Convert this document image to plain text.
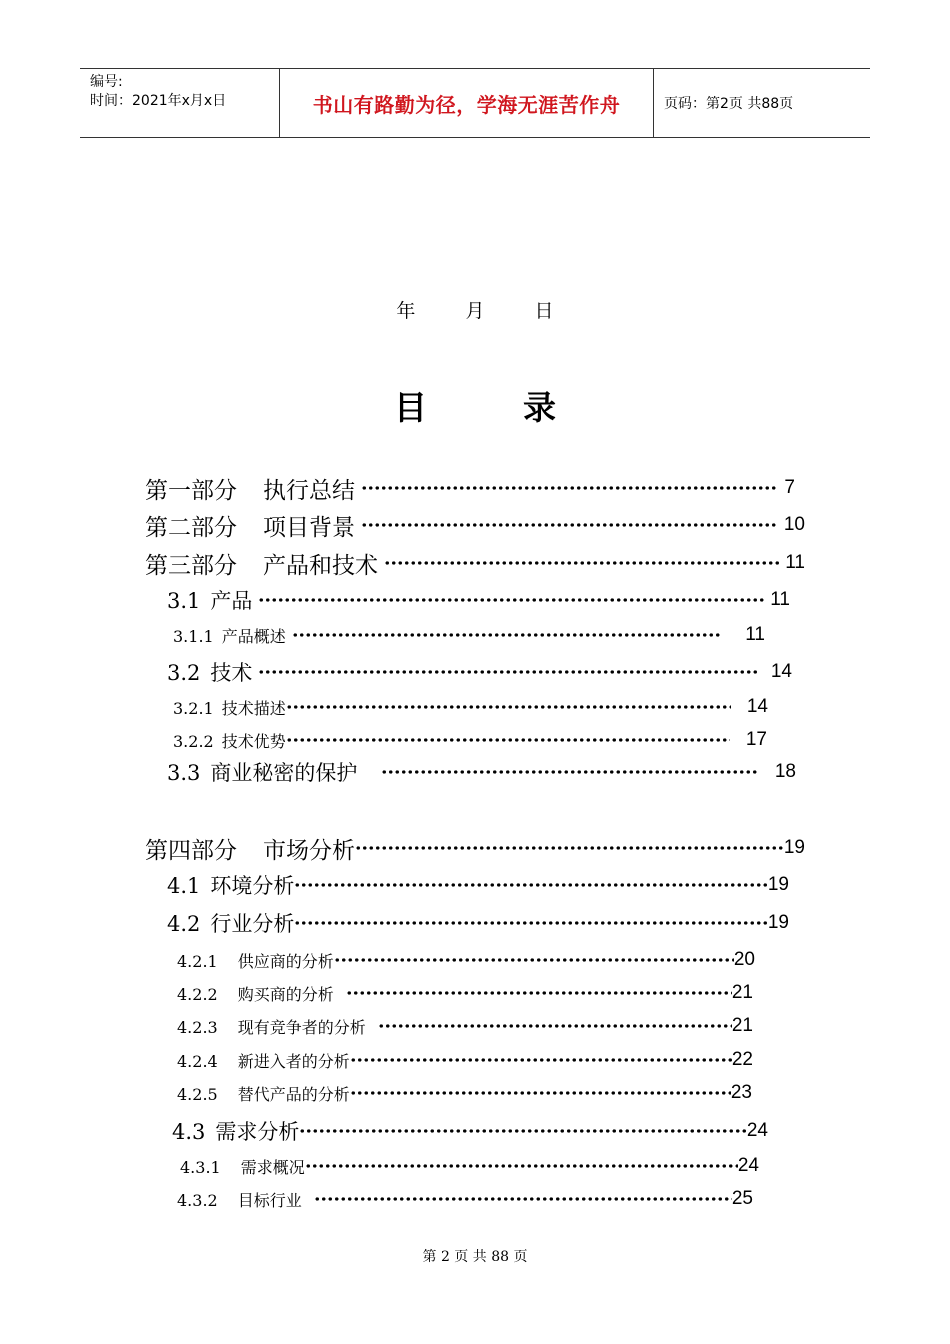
编号:
时间：2021年x月x日	书山有路勤为径，学海无涯苦作舟	页码：第2页 共88页
年	月	日
目	录
第一部分 执行总结	7
第二部分 项目背景	10
第三部分 产品和技术	11
3.1 产品	11
3.1.1 产品概述	11
3.2 技术	14
3.2.1 技术描述	14
3.2.2 技术优势	17
3.3 商业秘密的保护	18
第四部分 市场分析	19
4.1 环境分析	19
4.2 行业分析	19
4.2.1 供应商的分析	20
4.2.2 购买商的分析	21
4.2.3 现有竞争者的分析	21
4.2.4 新进入者的分析	22
4.2.5 替代产品的分析	23
4.3 需求分析	24
4.3.1 需求概况	24
4.3.2 目标行业	25
第 2 页 共 88 页
